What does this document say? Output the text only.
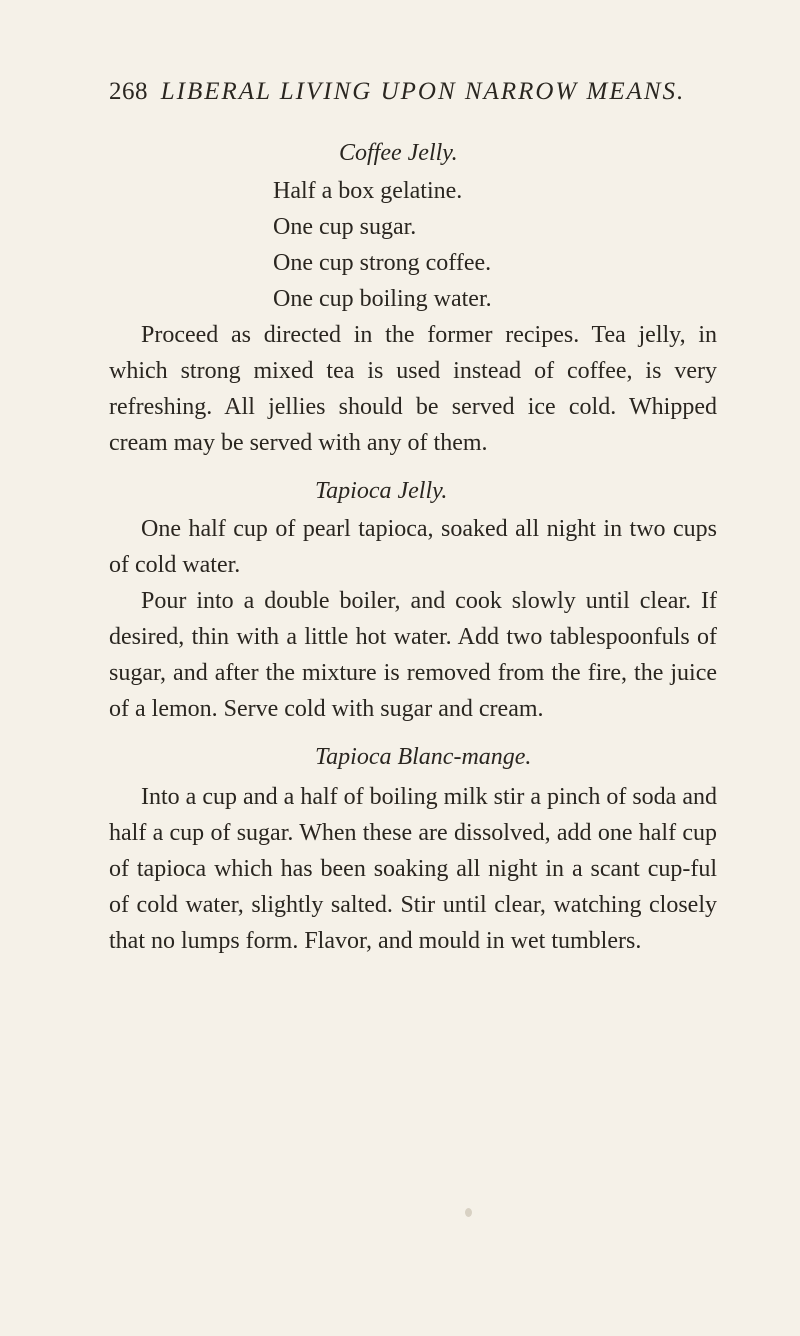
268 LIBERAL LIVING UPON NARROW MEANS.
Coffee Jelly.
Half a box gelatine.
One cup sugar.
One cup strong coffee.
One cup boiling water.
Proceed as directed in the former recipes. Tea jelly, in which strong mixed tea is used instead of coffee, is very refreshing. All jellies should be served ice cold. Whipped cream may be served with any of them.
Tapioca Jelly.
One half cup of pearl tapioca, soaked all night in two cups of cold water.
Pour into a double boiler, and cook slowly until clear. If desired, thin with a little hot water. Add two tablespoonfuls of sugar, and after the mixture is removed from the fire, the juice of a lemon. Serve cold with sugar and cream.
Tapioca Blanc-mange.
Into a cup and a half of boiling milk stir a pinch of soda and half a cup of sugar. When these are dissolved, add one half cup of tapioca which has been soaking all night in a scant cup-ful of cold water, slightly salted. Stir until clear, watching closely that no lumps form. Flavor, and mould in wet tumblers.
